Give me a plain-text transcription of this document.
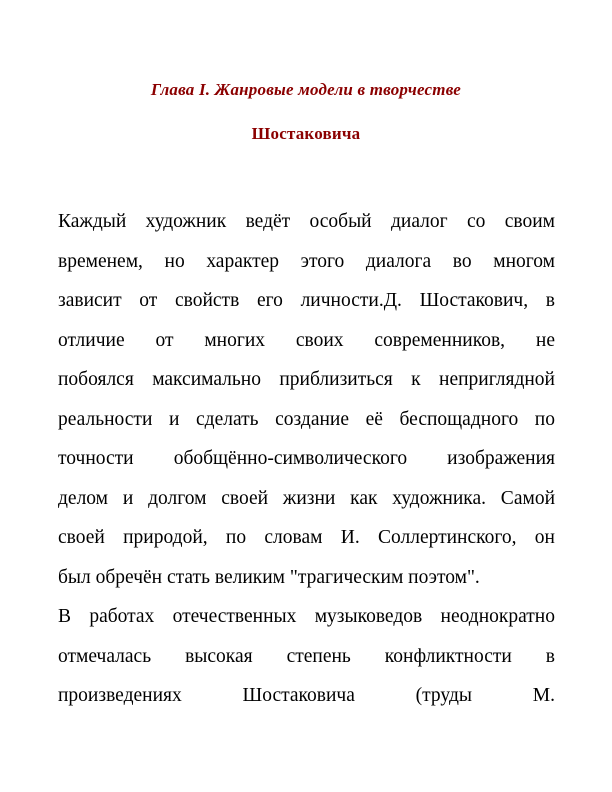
Глава I. Жанровые модели в творчестве
Шостаковича
Каждый художник ведёт особый диалог со своим
временем, но характер этого диалога во многом
зависит от свойств его личности.Д. Шостакович, в
отличие от многих своих современников, не
побоялся максимально приблизиться к неприглядной
реальности и сделать создание её беспощадного по
точности обобщённо-символического изображения
делом и долгом своей жизни как художника. Самой
своей природой, по словам И. Соллертинского, он
был обречён стать великим "трагическим поэтом".
В работах отечественных музыковедов неоднократно
отмечалась высокая степень конфликтности в
произведениях Шостаковича (труды М.
